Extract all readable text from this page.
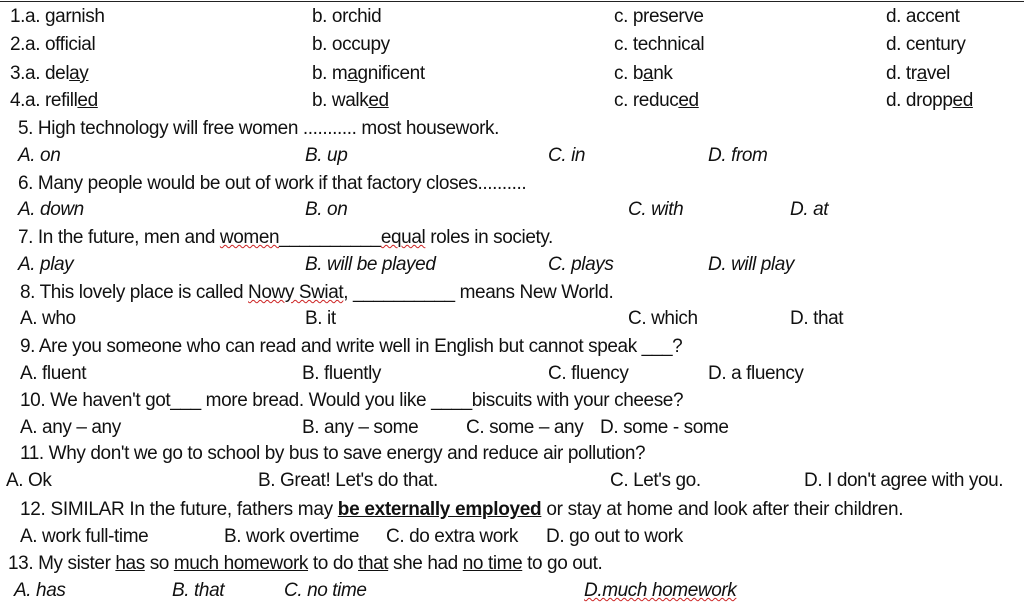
1.a. garnish	b. orchid	c. preserve	d. accent
2.a. official	b. occupy	c. technical	d. century
3.a. delay	b. magnificent	c. bank	d. travel
4.a. refilled	b. walked	c. reduced	d. dropped
5. High technology will free women ........... most housework.
A. on	B. up	C. in	D. from
6. Many people would be out of work if that factory closes..........
A. down	B. on	C. with	D. at
7. In the future, men and women__________equal roles in society.
A. play	B. will be played	C. plays	D. will play
8. This lovely place is called Nowy Swiat, __________ means New World.
A. who	B. it	C. which	D. that
9. Are you someone who can read and write well in English but cannot speak ___?
A. fluent	B. fluently	C. fluency	D. a fluency
10. We haven't got___ more bread. Would you like ____biscuits with your cheese?
A. any – any	B. any – some	C. some – any D. some - some
11. Why don't we go to school by bus to save energy and reduce air pollution?
A. Ok	B. Great! Let's do that.	C. Let's go.	D. I don't agree with you.
12. SIMILAR In the future, fathers may be externally employed or stay at home and look after their children.
A. work full-time	B. work overtime C. do extra work D. go out to work
13. My sister has so much homework to do that she had no time to go out.
A. has	B. that	C. no time	D.much homework
